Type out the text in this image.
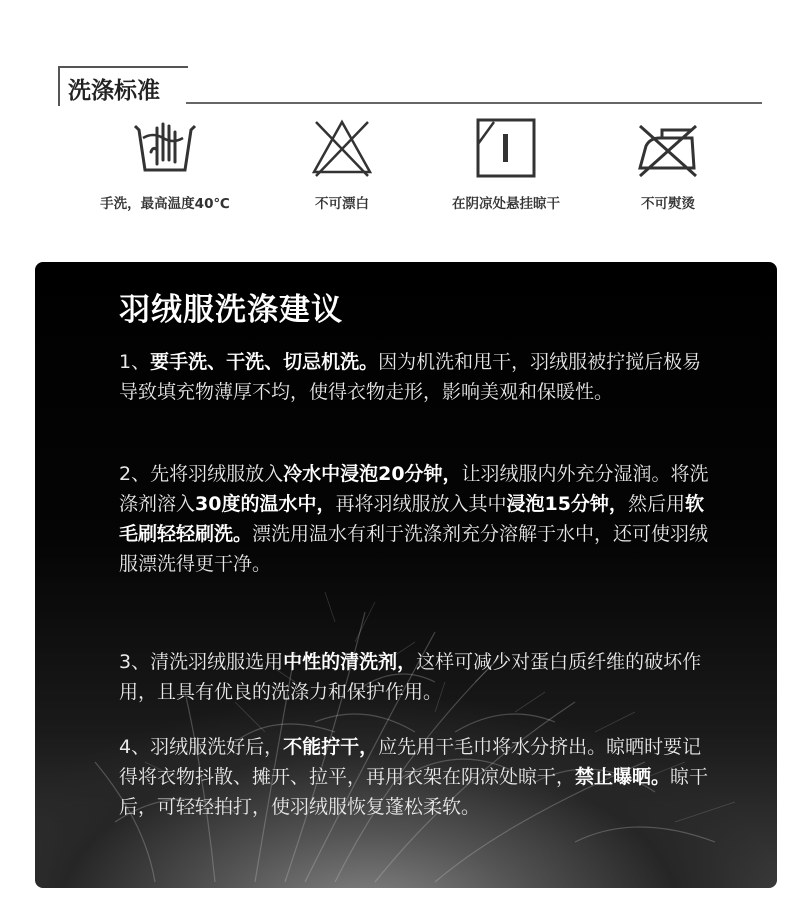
洗涤标准
手洗，最高温度40℃	不可漂白	在阴凉处悬挂晾干	不可熨烫
羽绒服洗涤建议
1、要手洗、干洗、切忌机洗。因为机洗和甩干，羽绒服被拧搅后极易导致填充物薄厚不均，使得衣物走形，影响美观和保暖性。
2、先将羽绒服放入冷水中浸泡20分钟，让羽绒服内外充分湿润。将洗涤剂溶入30度的温水中，再将羽绒服放入其中浸泡15分钟，然后用软毛刷轻轻刷洗。漂洗用温水有利于洗涤剂充分溶解于水中，还可使羽绒服漂洗得更干净。
3、清洗羽绒服选用中性的清洗剂，这样可减少对蛋白质纤维的破坏作用，且具有优良的洗涤力和保护作用。
4、羽绒服洗好后，不能拧干，应先用干毛巾将水分挤出。晾晒时要记得将衣物抖散、摊开、拉平，再用衣架在阴凉处晾干，禁止曝晒。晾干后，可轻轻拍打，使羽绒服恢复蓬松柔软。
